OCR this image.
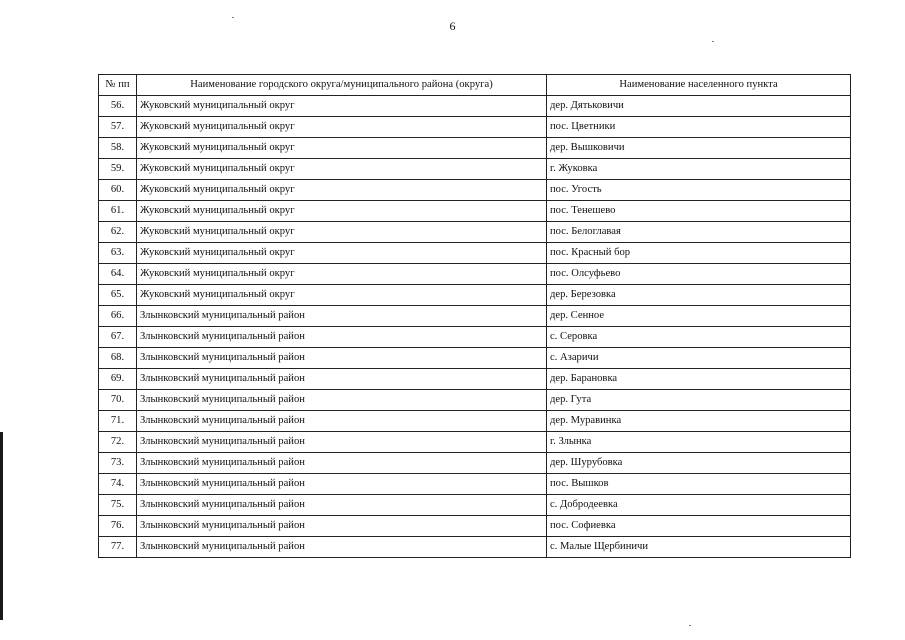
6
№ пп	Наименование городского округа/муниципального района (округа)	Наименование населенного пункта
56.	Жуковский муниципальный округ	дер. Дятьковичи
57.	Жуковский муниципальный округ	пос. Цветники
58.	Жуковский муниципальный округ	дер. Вышковичи
59.	Жуковский муниципальный округ	г. Жуковка
60.	Жуковский муниципальный округ	пос. Угость
61.	Жуковский муниципальный округ	пос. Тенешево
62.	Жуковский муниципальный округ	пос. Белоглавая
63.	Жуковский муниципальный округ	пос. Красный бор
64.	Жуковский муниципальный округ	пос. Олсуфьево
65.	Жуковский муниципальный округ	дер. Березовка
66.	Злынковский муниципальный район	дер. Сенное
67.	Злынковский муниципальный район	с. Серовка
68.	Злынковский муниципальный район	с. Азаричи
69.	Злынковский муниципальный район	дер. Барановка
70.	Злынковский муниципальный район	дер. Гута
71.	Злынковский муниципальный район	дер. Муравинка
72.	Злынковский муниципальный район	г. Злынка
73.	Злынковский муниципальный район	дер. Шурубовка
74.	Злынковский муниципальный район	пос. Вышков
75.	Злынковский муниципальный район	с. Добродеевка
76.	Злынковский муниципальный район	пос. Софиевка
77.	Злынковский муниципальный район	с. Малые Щербиничи
